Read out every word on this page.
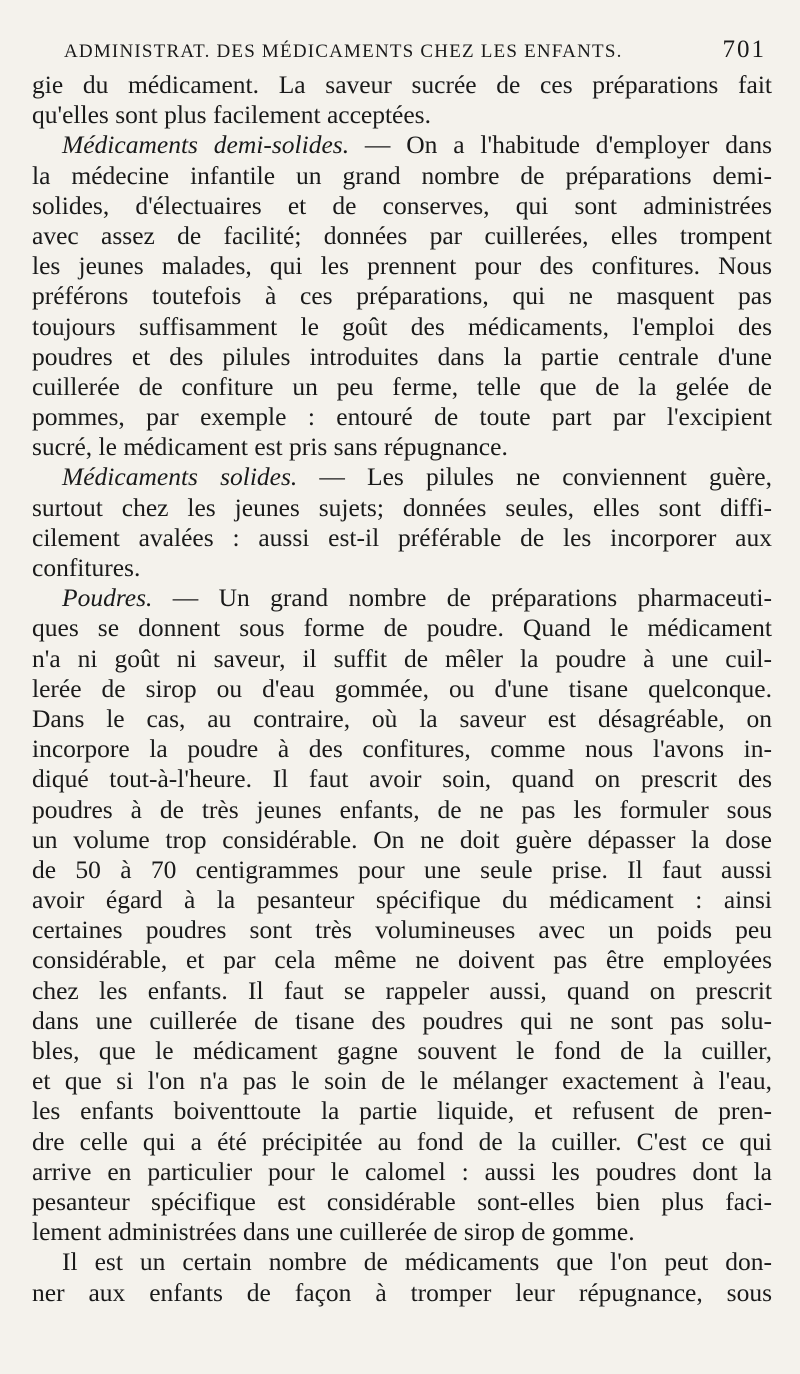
ADMINISTRAT. DES MÉDICAMENTS CHEZ LES ENFANTS.	701
gie du médicament. La saveur sucrée de ces préparations fait
qu'elles sont plus facilement acceptées.
Médicaments demi-solides. — On a l'habitude d'employer dans
la médecine infantile un grand nombre de préparations demi-
solides, d'électuaires et de conserves, qui sont administrées
avec assez de facilité; données par cuillerées, elles trompent
les jeunes malades, qui les prennent pour des confitures. Nous
préférons toutefois à ces préparations, qui ne masquent pas
toujours suffisamment le goût des médicaments, l'emploi des
poudres et des pilules introduites dans la partie centrale d'une
cuillerée de confiture un peu ferme, telle que de la gelée de
pommes, par exemple : entouré de toute part par l'excipient
sucré, le médicament est pris sans répugnance.
Médicaments solides. — Les pilules ne conviennent guère,
surtout chez les jeunes sujets; données seules, elles sont diffi-
cilement avalées : aussi est-il préférable de les incorporer aux
confitures.
Poudres. — Un grand nombre de préparations pharmaceuti-
ques se donnent sous forme de poudre. Quand le médicament
n'a ni goût ni saveur, il suffit de mêler la poudre à une cuil-
lerée de sirop ou d'eau gommée, ou d'une tisane quelconque.
Dans le cas, au contraire, où la saveur est désagréable, on
incorpore la poudre à des confitures, comme nous l'avons in-
diqué tout-à-l'heure. Il faut avoir soin, quand on prescrit des
poudres à de très jeunes enfants, de ne pas les formuler sous
un volume trop considérable. On ne doit guère dépasser la dose
de 50 à 70 centigrammes pour une seule prise. Il faut aussi
avoir égard à la pesanteur spécifique du médicament : ainsi
certaines poudres sont très volumineuses avec un poids peu
considérable, et par cela même ne doivent pas être employées
chez les enfants. Il faut se rappeler aussi, quand on prescrit
dans une cuillerée de tisane des poudres qui ne sont pas solu-
bles, que le médicament gagne souvent le fond de la cuiller,
et que si l'on n'a pas le soin de le mélanger exactement à l'eau,
les enfants boiventtoute la partie liquide, et refusent de pren-
dre celle qui a été précipitée au fond de la cuiller. C'est ce qui
arrive en particulier pour le calomel : aussi les poudres dont la
pesanteur spécifique est considérable sont-elles bien plus faci-
lement administrées dans une cuillerée de sirop de gomme.
Il est un certain nombre de médicaments que l'on peut don-
ner aux enfants de façon à tromper leur répugnance, sous
